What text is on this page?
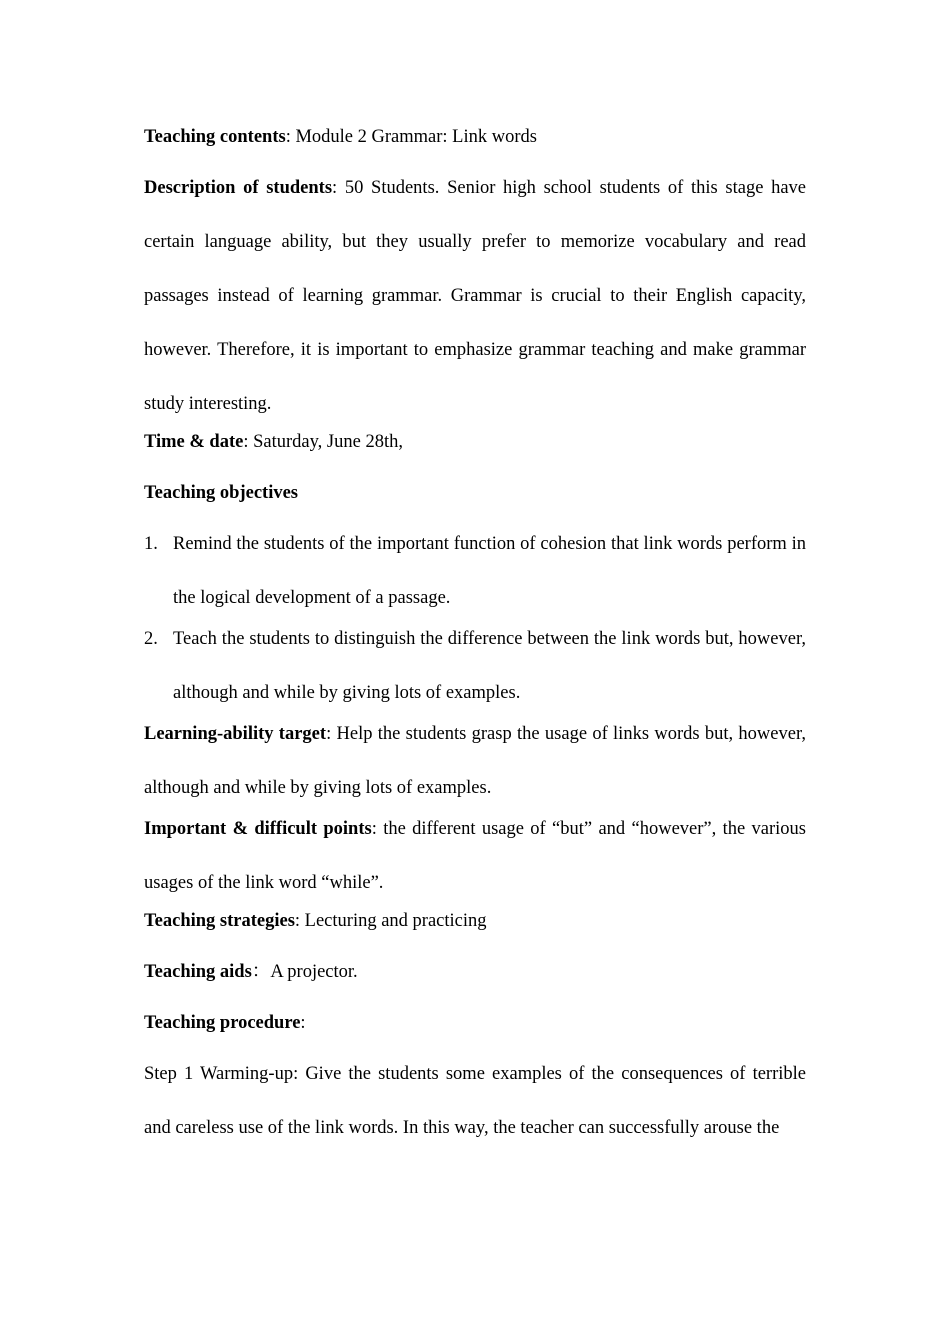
Teaching contents: Module 2 Grammar: Link words

Description of students: 50 Students. Senior high school students of this stage have certain language ability, but they usually prefer to memorize vocabulary and read passages instead of learning grammar. Grammar is crucial to their English capacity, however. Therefore, it is important to emphasize grammar teaching and make grammar study interesting.

Time & date: Saturday, June 28th,

Teaching objectives

1. Remind the students of the important function of cohesion that link words perform in the logical development of a passage.
2. Teach the students to distinguish the difference between the link words but, however, although and while by giving lots of examples.

Learning-ability target: Help the students grasp the usage of links words but, however, although and while by giving lots of examples.

Important & difficult points: the different usage of “but” and “however”, the various usages of the link word “while”.

Teaching strategies: Lecturing and practicing

Teaching aids：A projector.

Teaching procedure:

Step 1 Warming-up: Give the students some examples of the consequences of terrible and careless use of the link words. In this way, the teacher can successfully arouse the
